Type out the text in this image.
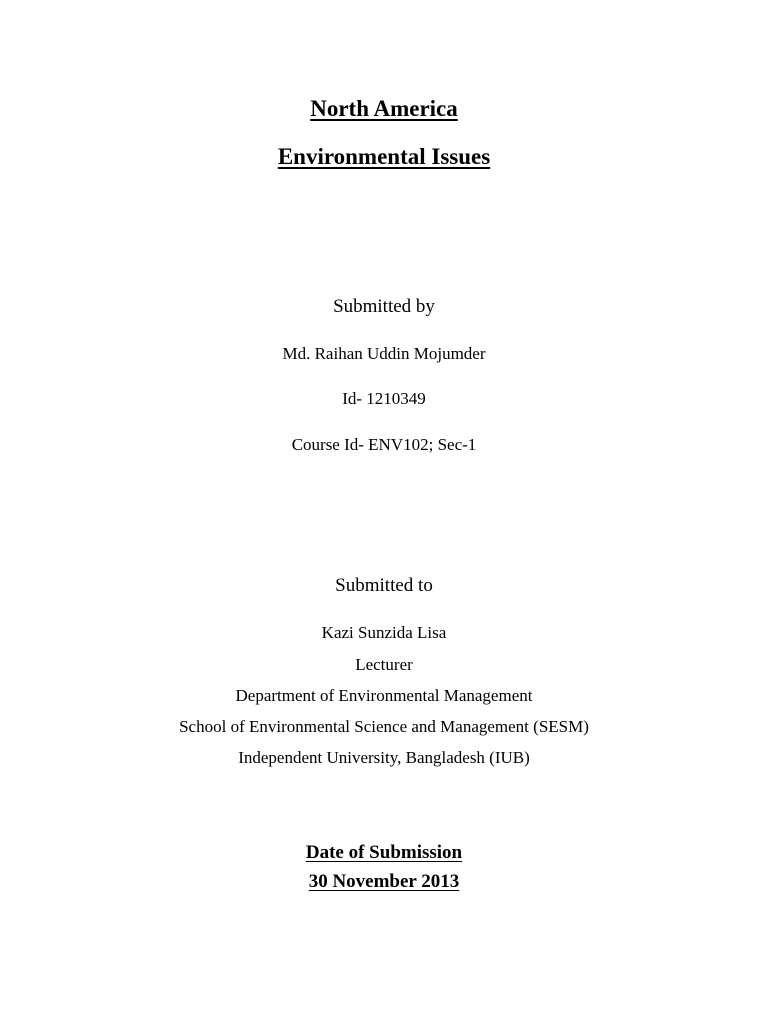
North America
Environmental Issues
Submitted by
Md. Raihan Uddin Mojumder
Id- 1210349
Course Id- ENV102; Sec-1
Submitted to
Kazi Sunzida Lisa
Lecturer
Department of Environmental Management
School of Environmental Science and Management (SESM)
Independent University, Bangladesh (IUB)
Date of Submission
30 November 2013
